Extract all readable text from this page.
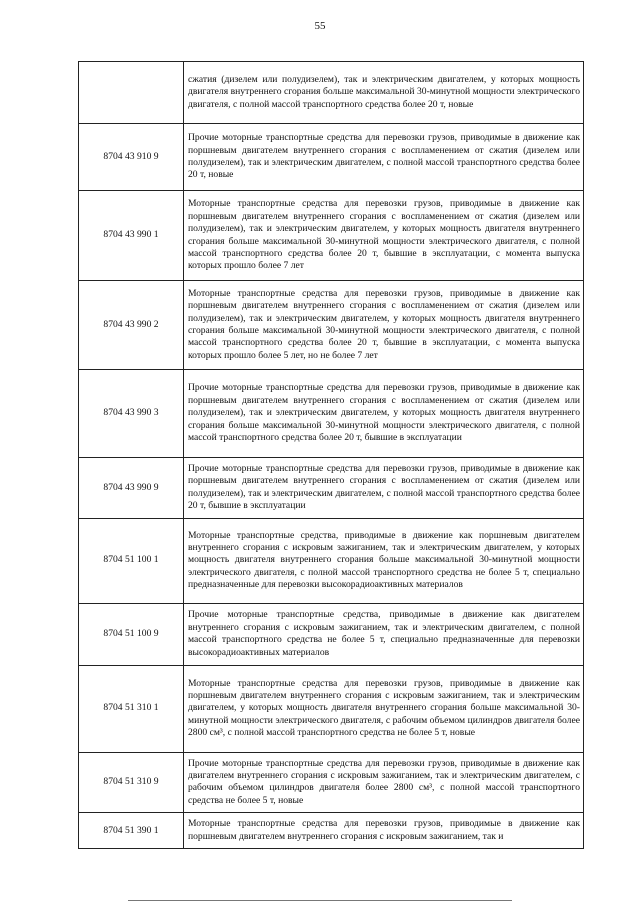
55
	сжатия (дизелем или полудизелем), так и электрическим двигателем, у которых мощность двигателя внутреннего сгорания больше максимальной 30-минутной мощности электрического двигателя, с полной массой транспортного средства более 20 т, новые
8704 43 910 9	Прочие моторные транспортные средства для перевозки грузов, приводимые в движение как поршневым двигателем внутреннего сгорания с воспламенением от сжатия (дизелем или полудизелем), так и электрическим двигателем, с полной массой транспортного средства более 20 т, новые
8704 43 990 1	Моторные транспортные средства для перевозки грузов, приводимые в движение как поршневым двигателем внутреннего сгорания с воспламенением от сжатия (дизелем или полудизелем), так и электрическим двигателем, у которых мощность двигателя внутреннего сгорания больше максимальной 30-минутной мощности электрического двигателя, с полной массой транспортного средства более 20 т, бывшие в эксплуатации, с момента выпуска которых прошло более 7 лет
8704 43 990 2	Моторные транспортные средства для перевозки грузов, приводимые в движение как поршневым двигателем внутреннего сгорания с воспламенением от сжатия (дизелем или полудизелем), так и электрическим двигателем, у которых мощность двигателя внутреннего сгорания больше максимальной 30-минутной мощности электрического двигателя, с полной массой транспортного средства более 20 т, бывшие в эксплуатации, с момента выпуска которых прошло более 5 лет, но не более 7 лет
8704 43 990 3	Прочие моторные транспортные средства для перевозки грузов, приводимые в движение как поршневым двигателем внутреннего сгорания с воспламенением от сжатия (дизелем или полудизелем), так и электрическим двигателем, у которых мощность двигателя внутреннего сгорания больше максимальной 30-минутной мощности электрического двигателя, с полной массой транспортного средства более 20 т, бывшие в эксплуатации
8704 43 990 9	Прочие моторные транспортные средства для перевозки грузов, приводимые в движение как поршневым двигателем внутреннего сгорания с воспламенением от сжатия (дизелем или полудизелем), так и электрическим двигателем, с полной массой транспортного средства более 20 т, бывшие в эксплуатации
8704 51 100 1	Моторные транспортные средства, приводимые в движение как поршневым двигателем внутреннего сгорания с искровым зажиганием, так и электрическим двигателем, у которых мощность двигателя внутреннего сгорания больше максимальной 30-минутной мощности электрического двигателя, с полной массой транспортного средства не более 5 т, специально предназначенные для перевозки высокорадиоактивных материалов
8704 51 100 9	Прочие моторные транспортные средства, приводимые в движение как двигателем внутреннего сгорания с искровым зажиганием, так и электрическим двигателем, с полной массой транспортного средства не более 5 т, специально предназначенные для перевозки высокорадиоактивных материалов
8704 51 310 1	Моторные транспортные средства для перевозки грузов, приводимые в движение как поршневым двигателем внутреннего сгорания с искровым зажиганием, так и электрическим двигателем, у которых мощность двигателя внутреннего сгорания больше максимальной 30-минутной мощности электрического двигателя, с рабочим объемом цилиндров двигателя более 2800 см³, с полной массой транспортного средства не более 5 т, новые
8704 51 310 9	Прочие моторные транспортные средства для перевозки грузов, приводимые в движение как двигателем внутреннего сгорания с искровым зажиганием, так и электрическим двигателем, с рабочим объемом цилиндров двигателя более 2800 см³, с полной массой транспортного средства не более 5 т, новые
8704 51 390 1	Моторные транспортные средства для перевозки грузов, приводимые в движение как поршневым двигателем внутреннего сгорания с искровым зажиганием, так и
